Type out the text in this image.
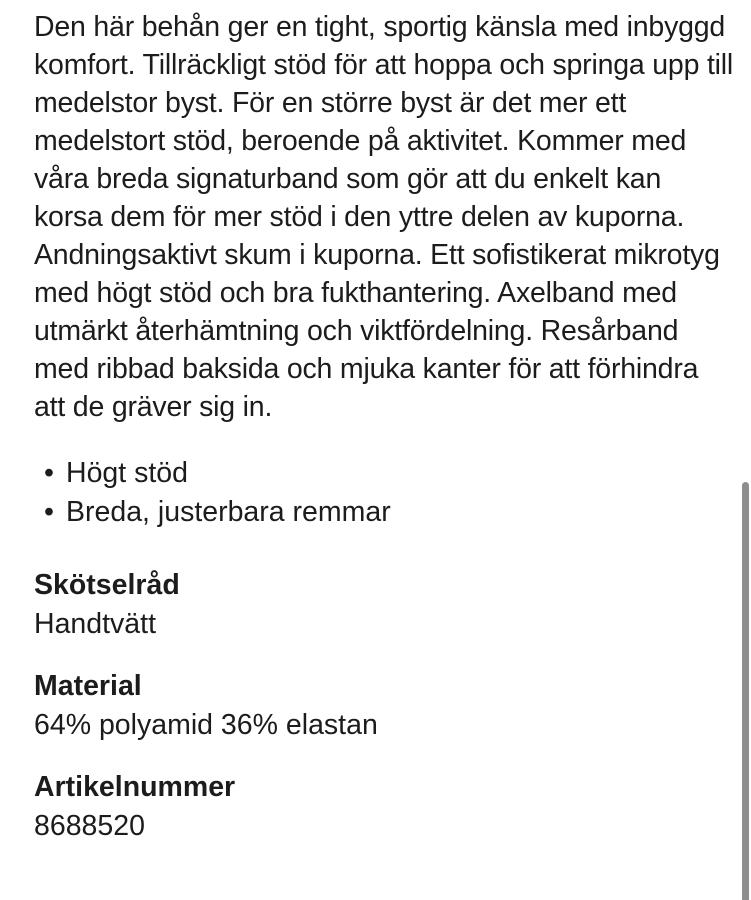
Den här behån ger en tight, sportig känsla med inbyggd komfort. Tillräckligt stöd för att hoppa och springa upp till medelstor byst. För en större byst är det mer ett medelstort stöd, beroende på aktivitet. Kommer med våra breda signaturband som gör att du enkelt kan korsa dem för mer stöd i den yttre delen av kuporna. Andningsaktivt skum i kuporna. Ett sofistikerat mikrotyg med högt stöd och bra fukthantering. Axelband med utmärkt återhämtning och viktfördelning. Resårband med ribbad baksida och mjuka kanter för att förhindra att de gräver sig in.

• Högt stöd
• Breda, justerbara remmar
Skötselråd
Handtvätt
Material
64% polyamid 36% elastan
Artikelnummer
8688520
